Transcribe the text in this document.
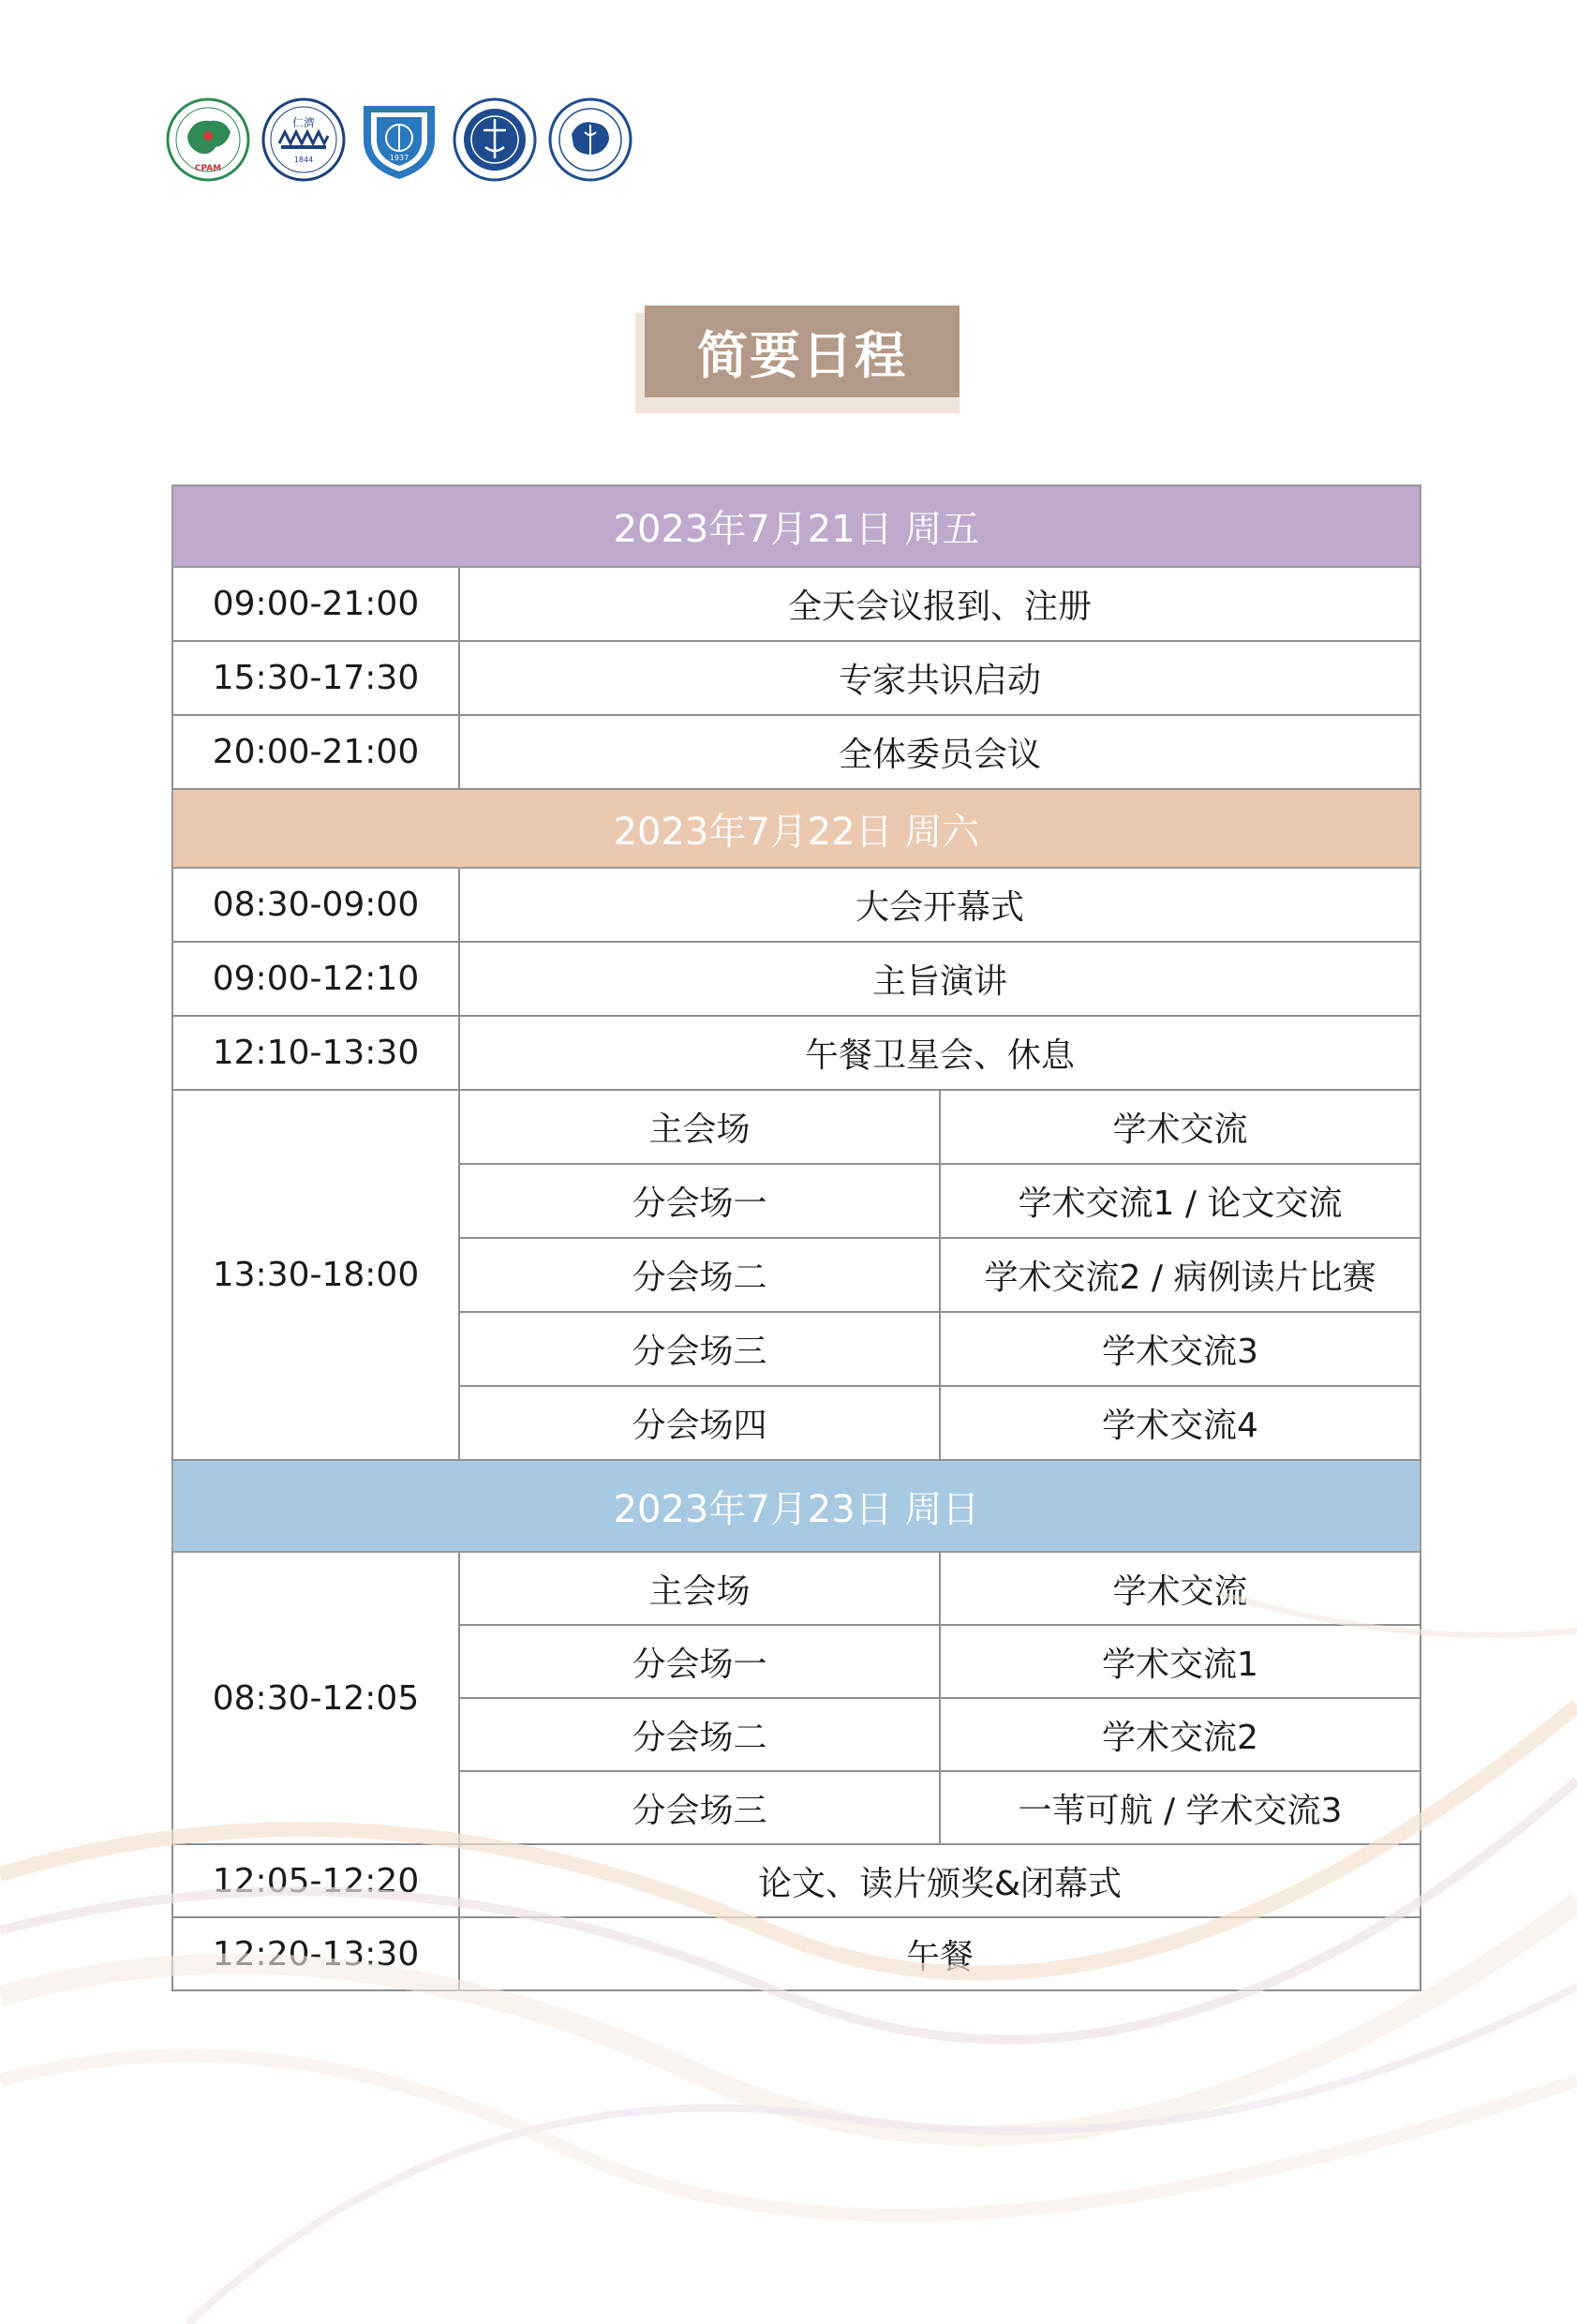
CPAM
仁濟
1844	1937
简要日程
2023年7月21日 周五		
09:00-21:00	全天会议报到、注册	
15:30-17:30	专家共识启动	
20:00-21:00	全体委员会议	
2023年7月22日 周六		
08:30-09:00	大会开幕式	
09:00-12:10	主旨演讲	
12:10-13:30	午餐卫星会、休息	
13:30-18:00	主会场	学术交流
	分会场一	学术交流1 / 论文交流
	分会场二	学术交流2 / 病例读片比赛
	分会场三	学术交流3
	分会场四	学术交流4
2023年7月23日 周日		
08:30-12:05	主会场	学术交流
	分会场一	学术交流1
	分会场二	学术交流2
	分会场三	一苇可航 / 学术交流3
12:05-12:20	论文、读片颁奖&闭幕式	
12:20-13:30	午餐	
